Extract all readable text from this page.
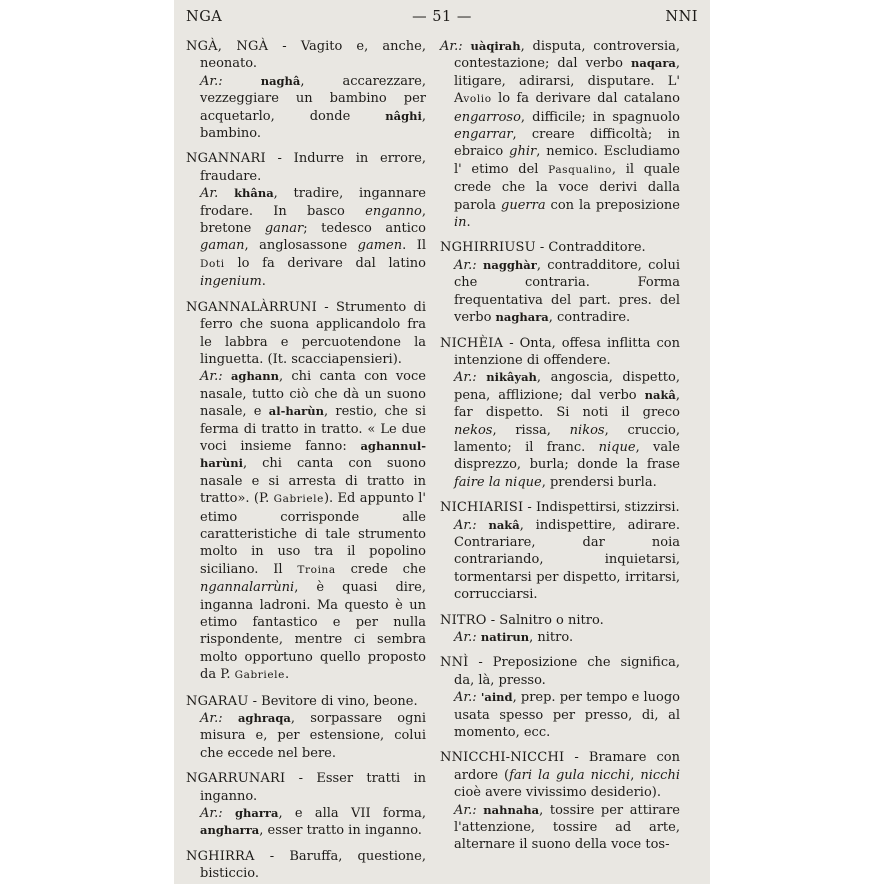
NGA	— 51 —	NNI
NGÀ, NGÀ - Vagito e, anche, neonato.
Ar.:	naghâ, accarezzare, vezzeggiare un bambino per acquetarlo, donde nâghi, bambino.
NGANNARI - Indurre in errore, fraudare.
Ar. khâna, tradire, ingannare frodare. In basco enganno, bretone ganar; tedesco antico gaman, anglosassone gamen. Il Doti lo fa derivare dal latino ingenium.
NGANNALÀRRUNI - Strumento di ferro che suona applicandolo fra le labbra e percuotendone la linguetta. (It. scacciapensieri).
Ar.: aghann, chi canta con voce nasale, tutto ciò che dà un suono nasale, e al-harùn, restio, che si ferma di tratto in tratto. « Le due voci insieme fanno: aghannul-harùni, chi canta con suono nasale e si arresta di tratto in tratto». (P. Gabriele). Ed appunto l' etimo corrisponde alle caratteristiche di tale strumento molto in uso tra il popolino siciliano. Il Troina crede che ngannalarrùni, è quasi dire, inganna ladroni. Ma questo è un etimo fantastico e per nulla rispondente, mentre ci sembra molto opportuno quello proposto da P. Gabriele.
NGARAU - Bevitore di vino, beone.
Ar.: aghraqa, sorpassare ogni misura e, per estensione, colui che eccede nel bere.
NGARRUNARI - Esser tratti in inganno.
Ar.: gharra, e alla VII forma, angharra, esser tratto in inganno.
NGHIRRA - Baruffa, questione, bisticcio.
Ar.: uàqirah, disputa, controversia, contestazione; dal verbo naqara, litigare, adirarsi, disputare. L' Avolio lo fa derivare dal catalano engarroso, difficile; in spagnuolo engarrar, creare difficoltà; in ebraico ghir, nemico. Escludiamo l' etimo del Pasqualino, il quale crede che la voce derivi dalla parola guerra con la preposizione in.
NGHIRRIUSU - Contradditore.
Ar.: nagghàr, contradditore, colui che contraria. Forma frequentativa del part. pres. del verbo naghara, contradire.
NICHÈIA - Onta, offesa inflitta con intenzione di offendere.
Ar.: nikâyah, angoscia, dispetto, pena, afflizione; dal verbo nakâ, far dispetto. Si noti il greco nekos, rissa, nikos, cruccio, lamento; il franc. nique, vale disprezzo, burla; donde la frase faire la nique, prendersi burla.
NICHIARISI - Indispettirsi, stizzirsi.
Ar.: nakâ, indispettire, adirare. Contrariare, dar noia contrariando, inquietarsi, tormentarsi per dispetto, irritarsi, corrucciarsi.
NITRO - Salnitro o nitro.
Ar.: natirun, nitro.
NNÌ - Preposizione che significa, da, là, presso.
Ar.: 'aind, prep. per tempo e luogo usata spesso per presso, di, al momento, ecc.
NNICCHI-NICCHI - Bramare con ardore (fari la gula nicchi, nicchi cioè avere vivissimo desiderio).
Ar.: nahnaha, tossire per attirare l'attenzione, tossire ad arte, alternare il suono della voce tos-
